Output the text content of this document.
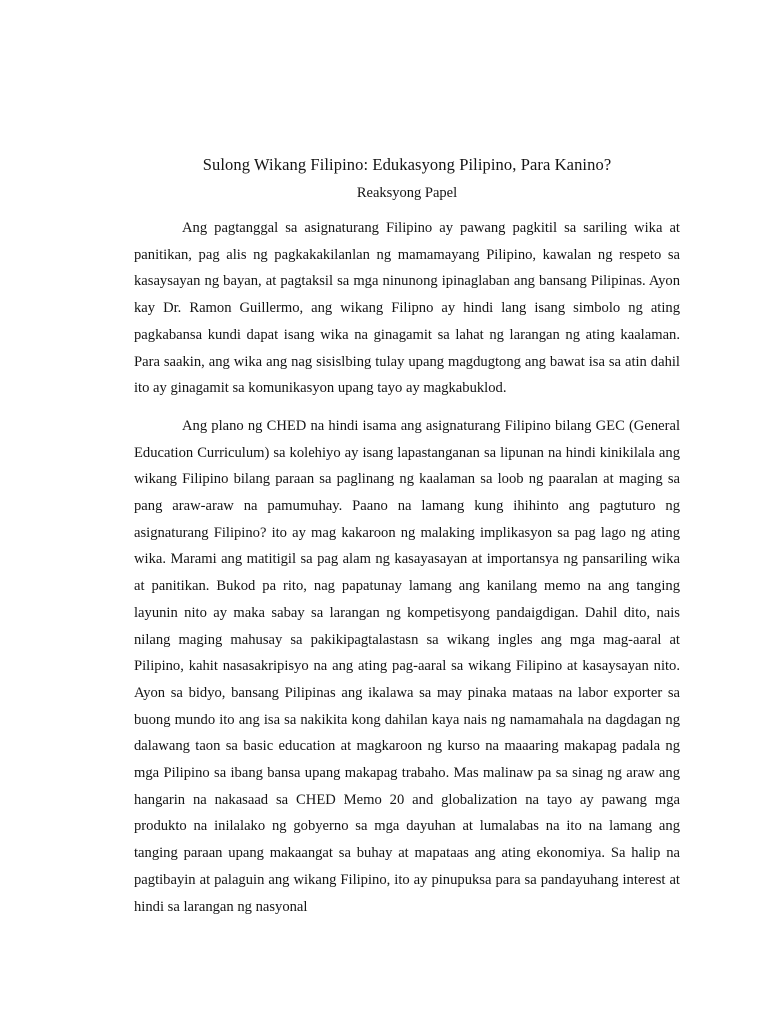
Sulong Wikang Filipino: Edukasyong Pilipino, Para Kanino?

Reaksyong Papel

Ang pagtanggal sa asignaturang Filipino ay pawang pagkitil sa sariling wika at panitikan, pag alis ng pagkakakilanlan ng mamamayang Pilipino, kawalan ng respeto sa kasaysayan ng bayan, at pagtaksil sa mga ninunong ipinaglaban ang bansang Pilipinas. Ayon kay Dr. Ramon Guillermo, ang wikang Filipno ay hindi lang isang simbolo ng ating pagkabansa kundi dapat isang wika na ginagamit sa lahat ng larangan ng ating kaalaman. Para saakin, ang wika ang nag sisislbing tulay upang magdugtong ang bawat isa sa atin dahil ito ay ginagamit sa komunikasyon upang tayo ay magkabuklod.

Ang plano ng CHED na hindi isama ang asignaturang Filipino bilang GEC (General Education Curriculum) sa kolehiyo ay isang lapastanganan sa lipunan na hindi kinikilala ang wikang Filipino bilang paraan sa paglinang ng kaalaman sa loob ng paaralan at maging sa pang araw-araw na pamumuhay. Paano na lamang kung ihihinto ang pagtuturo ng asignaturang Filipino? ito ay mag kakaroon ng malaking implikasyon sa pag lago ng ating wika. Marami ang matitigil sa pag alam ng kasayasayan at importansya ng pansariling wika at panitikan. Bukod pa rito, nag papatunay lamang ang kanilang memo na ang tanging layunin nito ay maka sabay sa larangan ng kompetisyong pandaigdigan. Dahil dito, nais nilang maging mahusay sa pakikipagtalastasn sa wikang ingles ang mga mag-aaral at Pilipino, kahit nasasakripisyo na ang ating pag-aaral sa wikang Filipino at kasaysayan nito. Ayon sa bidyo, bansang Pilipinas ang ikalawa sa may pinaka mataas na labor exporter sa buong mundo ito ang isa sa nakikita kong dahilan kaya nais ng namamahala na dagdagan ng dalawang taon sa basic education at magkaroon ng kurso na maaaring makapag padala ng mga Pilipino sa ibang bansa upang makapag trabaho. Mas malinaw pa sa sinag ng araw ang hangarin na nakasaad sa CHED Memo 20 and globalization na tayo ay pawang mga produkto na inilalako ng gobyerno sa mga dayuhan at lumalabas na ito na lamang ang tanging paraan upang makaangat sa buhay at mapataas ang ating ekonomiya. Sa halip na pagtibayin at palaguin ang wikang Filipino, ito ay pinupuksa para sa pandayuhang interest at hindi sa larangan ng nasyonal
